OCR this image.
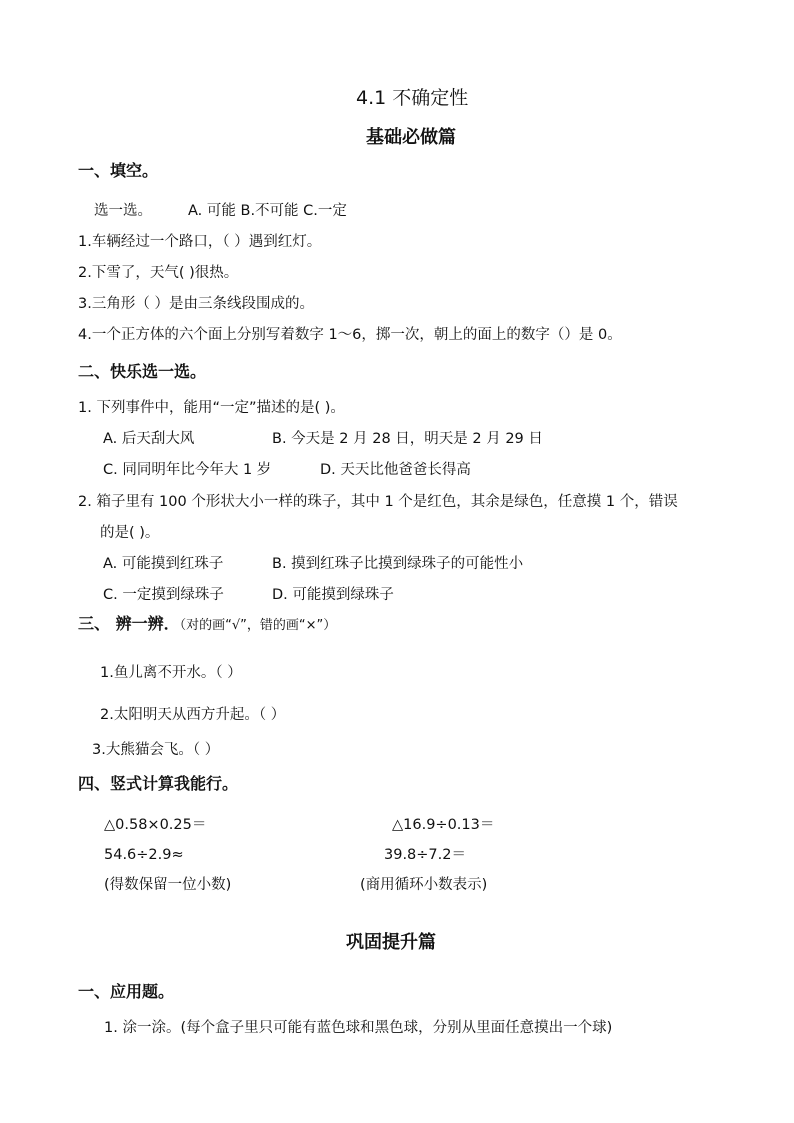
4.1 不确定性
基础必做篇
一、填空。
选一选。 A. 可能 B.不可能 C.一定
1.车辆经过一个路口，（ ）遇到红灯。
2.下雪了，天气( )很热。
3.三角形（ ）是由三条线段围成的。
4.一个正方体的六个面上分别写着数字 1～6，掷一次，朝上的面上的数字（）是 0。
二、快乐选一选。
1. 下列事件中，能用“一定”描述的是( )。
A. 后天刮大风	B. 今天是 2 月 28 日，明天是 2 月 29 日
C. 同同明年比今年大 1 岁	D. 天天比他爸爸长得高
2. 箱子里有 100 个形状大小一样的珠子，其中 1 个是红色，其余是绿色，任意摸 1 个，错误
的是( )。
A. 可能摸到红珠子	B. 摸到红珠子比摸到绿珠子的可能性小
C. 一定摸到绿珠子	D. 可能摸到绿珠子
三、 辨一辨．（对的画“√”，错的画“×”）
1.鱼儿离不开水。（ ）
2.太阳明天从西方升起。（ ）
3.大熊猫会飞。（ ）
四、竖式计算我能行。
△0.58×0.25＝	△16.9÷0.13＝
54.6÷2.9≈	39.8÷7.2＝
(得数保留一位小数)	(商用循环小数表示)
巩固提升篇
一、应用题。
1. 涂一涂。(每个盒子里只可能有蓝色球和黑色球，分别从里面任意摸出一个球)
